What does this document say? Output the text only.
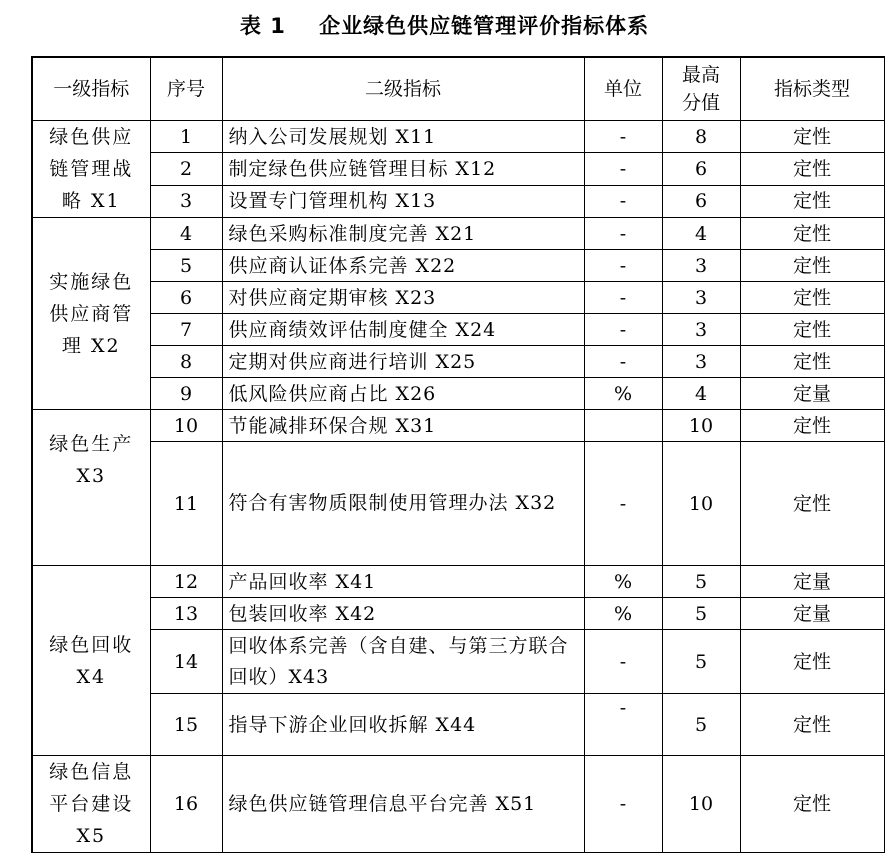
表 1    企业绿色供应链管理评价指标体系
一级指标	序号	二级指标	单位	最高分值	指标类型
绿色供应链管理战略 X1	1	纳入公司发展规划 X11	-	8	定性
	2	制定绿色供应链管理目标 X12	-	6	定性
	3	设置专门管理机构 X13	-	6	定性
实施绿色供应商管理 X2	4	绿色采购标准制度完善 X21	-	4	定性
	5	供应商认证体系完善 X22	-	3	定性
	6	对供应商定期审核 X23	-	3	定性
	7	供应商绩效评估制度健全 X24	-	3	定性
	8	定期对供应商进行培训 X25	-	3	定性
	9	低风险供应商占比 X26	%	4	定量
绿色生产 X3	10	节能减排环保合规 X31		10	定性
	11	符合有害物质限制使用管理办法 X32	-	10	定性
绿色回收 X4	12	产品回收率 X41	%	5	定量
	13	包装回收率 X42	%	5	定量
	14	回收体系完善（含自建、与第三方联合回收）X43	-	5	定性
	15	指导下游企业回收拆解 X44	-	5	定性
绿色信息平台建设 X5	16	绿色供应链管理信息平台完善 X51	-	10	定性
